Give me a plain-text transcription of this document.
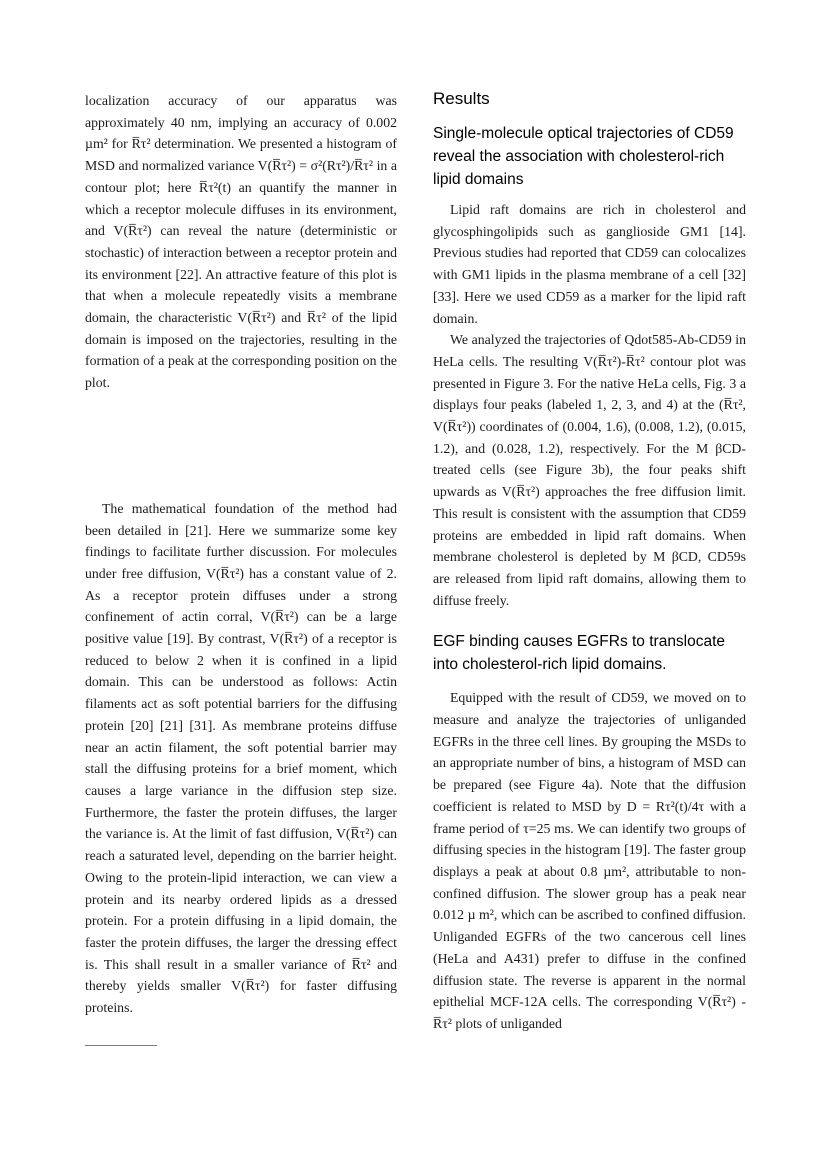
localization accuracy of our apparatus was approximately 40 nm, implying an accuracy of 0.002 µm² for R̅τ² determination. We presented a histogram of MSD and normalized variance V(R̅τ²) = σ²(Rτ²)/R̅τ² in a contour plot; here R̅τ²(t) an quantify the manner in which a receptor molecule diffuses in its environment, and V(R̅τ²) can reveal the nature (deterministic or stochastic) of interaction between a receptor protein and its environment [22]. An attractive feature of this plot is that when a molecule repeatedly visits a membrane domain, the characteristic V(R̅τ²) and R̅τ² of the lipid domain is imposed on the trajectories, resulting in the formation of a peak at the corresponding position on the plot.

The mathematical foundation of the method had been detailed in [21]. Here we summarize some key findings to facilitate further discussion. For molecules under free diffusion, V(R̅τ²) has a constant value of 2. As a receptor protein diffuses under a strong confinement of actin corral, V(R̅τ²) can be a large positive value [19]. By contrast, V(R̅τ²) of a receptor is reduced to below 2 when it is confined in a lipid domain. This can be understood as follows: Actin filaments act as soft potential barriers for the diffusing protein [20] [21] [31]. As membrane proteins diffuse near an actin filament, the soft potential barrier may stall the diffusing proteins for a brief moment, which causes a large variance in the diffusion step size. Furthermore, the faster the protein diffuses, the larger the variance is. At the limit of fast diffusion, V(R̅τ²) can reach a saturated level, depending on the barrier height. Owing to the protein-lipid interaction, we can view a protein and its nearby ordered lipids as a dressed protein. For a protein diffusing in a lipid domain, the faster the protein diffuses, the larger the dressing effect is. This shall result in a smaller variance of R̅τ² and thereby yields smaller V(R̅τ²) for faster diffusing proteins.

Results
Single-molecule optical trajectories of CD59 reveal the association with cholesterol-rich lipid domains

Lipid raft domains are rich in cholesterol and glycosphingolipids such as ganglioside GM1 [14]. Previous studies had reported that CD59 can colocalizes with GM1 lipids in the plasma membrane of a cell [32] [33]. Here we used CD59 as a marker for the lipid raft domain.

We analyzed the trajectories of Qdot585-Ab-CD59 in HeLa cells. The resulting V(R̅τ²)-R̅τ² contour plot was presented in Figure 3. For the native HeLa cells, Fig. 3 a displays four peaks (labeled 1, 2, 3, and 4) at the (R̅τ², V(R̅τ²)) coordinates of (0.004, 1.6), (0.008, 1.2), (0.015, 1.2), and (0.028, 1.2), respectively. For the M βCD-treated cells (see Figure 3b), the four peaks shift upwards as V(R̅τ²) approaches the free diffusion limit. This result is consistent with the assumption that CD59 proteins are embedded in lipid raft domains. When membrane cholesterol is depleted by M βCD, CD59s are released from lipid raft domains, allowing them to diffuse freely.

EGF binding causes EGFRs to translocate into cholesterol-rich lipid domains.

Equipped with the result of CD59, we moved on to measure and analyze the trajectories of unliganded EGFRs in the three cell lines. By grouping the MSDs to an appropriate number of bins, a histogram of MSD can be prepared (see Figure 4a). Note that the diffusion coefficient is related to MSD by D = Rτ²(t)/4τ with a frame period of τ=25 ms. We can identify two groups of diffusing species in the histogram [19]. The faster group displays a peak at about 0.8 µm², attributable to non-confined diffusion. The slower group has a peak near 0.012 µ m², which can be ascribed to confined diffusion. Unliganded EGFRs of the two cancerous cell lines (HeLa and A431) prefer to diffuse in the confined diffusion state. The reverse is apparent in the normal epithelial MCF-12A cells. The corresponding V(R̅τ²) -R̅τ² plots of unliganded
